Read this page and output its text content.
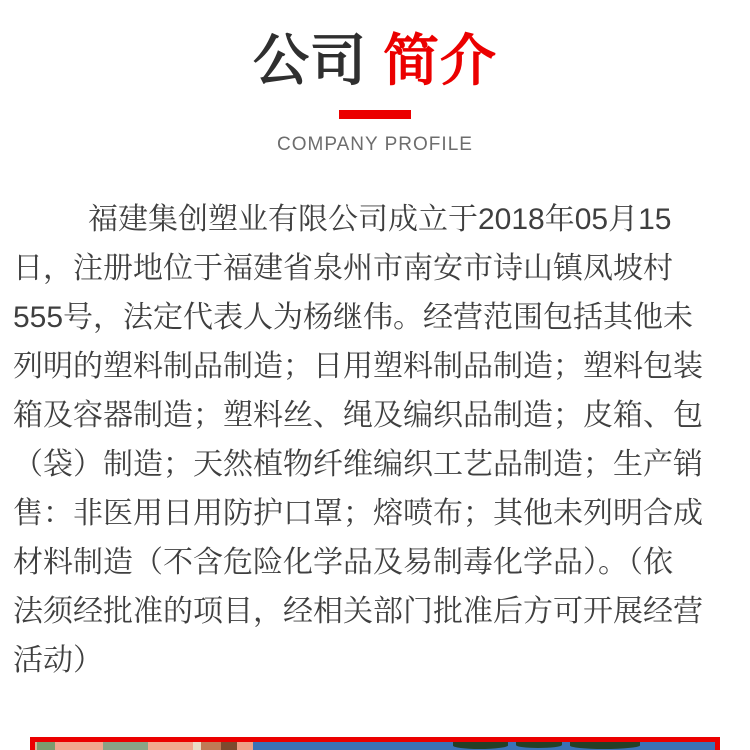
公司 简介
COMPANY PROFILE
福建集创塑业有限公司成立于2018年05月15
日，注册地位于福建省泉州市南安市诗山镇凤坡村
555号，法定代表人为杨继伟。经营范围包括其他未
列明的塑料制品制造；日用塑料制品制造；塑料包装
箱及容器制造；塑料丝、绳及编织品制造；皮箱、包
（袋）制造；天然植物纤维编织工艺品制造；生产销
售：非医用日用防护口罩；熔喷布；其他未列明合成
材料制造（不含危险化学品及易制毒化学品）。（依
法须经批准的项目，经相关部门批准后方可开展经营
活动）
